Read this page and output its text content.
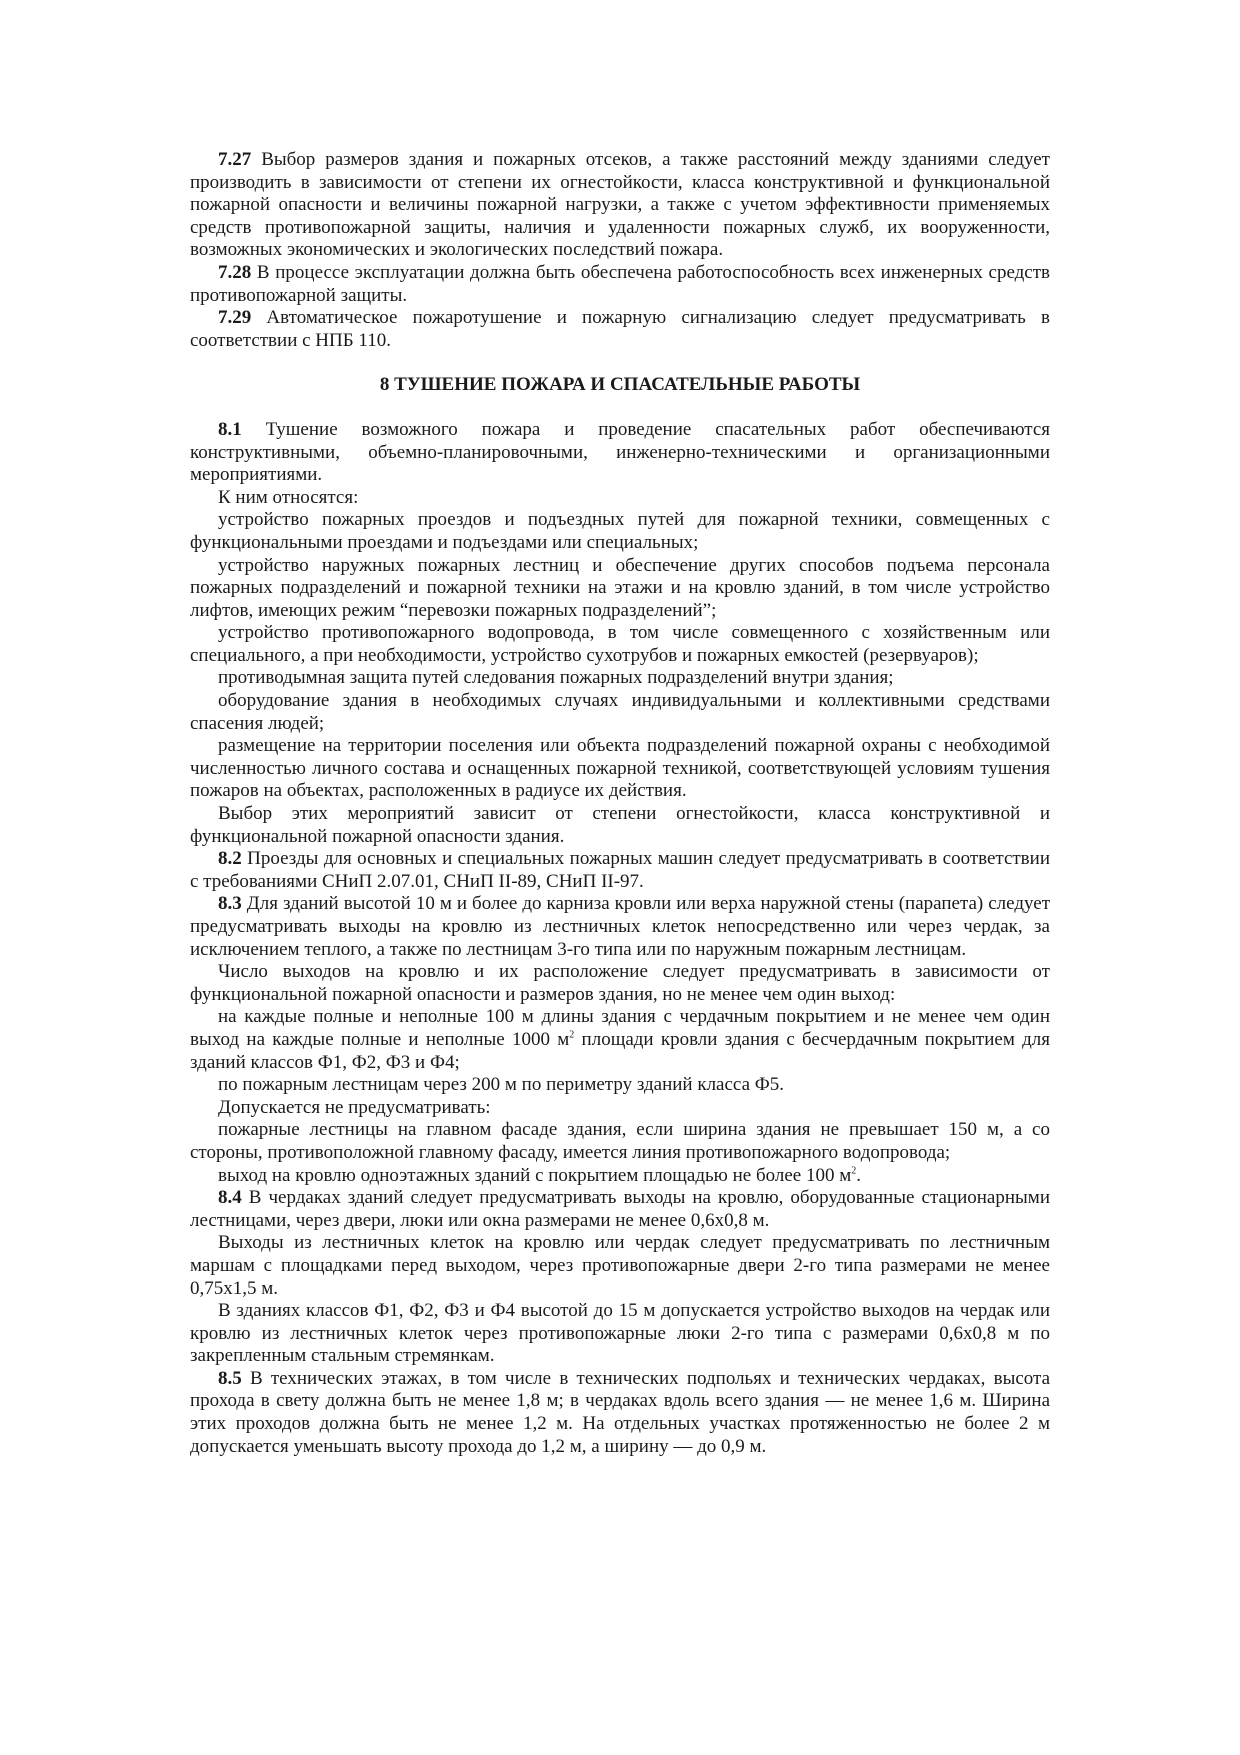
7.27 Выбор размеров здания и пожарных отсеков, а также расстояний между зданиями следует производить в зависимости от степени их огнестойкости, класса конструктивной и функциональной пожарной опасности и величины пожарной нагрузки, а также с учетом эффективности применяемых средств противопожарной защиты, наличия и удаленности пожарных служб, их вооруженности, возможных экономических и экологических последствий пожара.

7.28 В процессе эксплуатации должна быть обеспечена работоспособность всех инженерных средств противопожарной защиты.

7.29 Автоматическое пожаротушение и пожарную сигнализацию следует предусматривать в соответствии с НПБ 110.

8 ТУШЕНИЕ ПОЖАРА И СПАСАТЕЛЬНЫЕ РАБОТЫ

8.1 Тушение возможного пожара и проведение спасательных работ обеспечиваются конструктивными, объемно-планировочными, инженерно-техническими и организационными мероприятиями.

К ним относятся:

устройство пожарных проездов и подъездных путей для пожарной техники, совмещенных с функциональными проездами и подъездами или специальных;

устройство наружных пожарных лестниц и обеспечение других способов подъема персонала пожарных подразделений и пожарной техники на этажи и на кровлю зданий, в том числе устройство лифтов, имеющих режим “перевозки пожарных подразделений”;

устройство противопожарного водопровода, в том числе совмещенного с хозяйственным или специального, а при необходимости, устройство сухотрубов и пожарных емкостей (резервуаров);

противодымная защита путей следования пожарных подразделений внутри здания;

оборудование здания в необходимых случаях индивидуальными и коллективными средствами спасения людей;

размещение на территории поселения или объекта подразделений пожарной охраны с необходимой численностью личного состава и оснащенных пожарной техникой, соответствующей условиям тушения пожаров на объектах, расположенных в радиусе их действия.

Выбор этих мероприятий зависит от степени огнестойкости, класса конструктивной и функциональной пожарной опасности здания.

8.2 Проезды для основных и специальных пожарных машин следует предусматривать в соответствии с требованиями СНиП 2.07.01, СНиП II-89, СНиП II-97.

8.3 Для зданий высотой 10 м и более до карниза кровли или верха наружной стены (парапета) следует предусматривать выходы на кровлю из лестничных клеток непосредственно или через чердак, за исключением теплого, а также по лестницам 3-го типа или по наружным пожарным лестницам.

Число выходов на кровлю и их расположение следует предусматривать в зависимости от функциональной пожарной опасности и размеров здания, но не менее чем один выход:

на каждые полные и неполные 100 м длины здания с чердачным покрытием и не менее чем один выход на каждые полные и неполные 1000 $м^2$ площади кровли здания с бесчердачным покрытием для зданий классов Ф1, Ф2, Ф3 и Ф4;

по пожарным лестницам через 200 м по периметру зданий класса Ф5.

Допускается не предусматривать:

пожарные лестницы на главном фасаде здания, если ширина здания не превышает 150 м, а со стороны, противоположной главному фасаду, имеется линия противопожарного водопровода;

выход на кровлю одноэтажных зданий с покрытием площадью не более 100 $м^2$.

8.4 В чердаках зданий следует предусматривать выходы на кровлю, оборудованные стационарными лестницами, через двери, люки или окна размерами не менее 0,6х0,8 м.

Выходы из лестничных клеток на кровлю или чердак следует предусматривать по лестничным маршам с площадками перед выходом, через противопожарные двери 2-го типа размерами не менее 0,75х1,5 м.

В зданиях классов Ф1, Ф2, Ф3 и Ф4 высотой до 15 м допускается устройство выходов на чердак или кровлю из лестничных клеток через противопожарные люки 2-го типа с размерами 0,6х0,8 м по закрепленным стальным стремянкам.

8.5 В технических этажах, в том числе в технических подпольях и технических чердаках, высота прохода в свету должна быть не менее 1,8 м; в чердаках вдоль всего здания — не менее 1,6 м. Ширина этих проходов должна быть не менее 1,2 м. На отдельных участках протяженностью не более 2 м допускается уменьшать высоту прохода до 1,2 м, а ширину — до 0,9 м.
